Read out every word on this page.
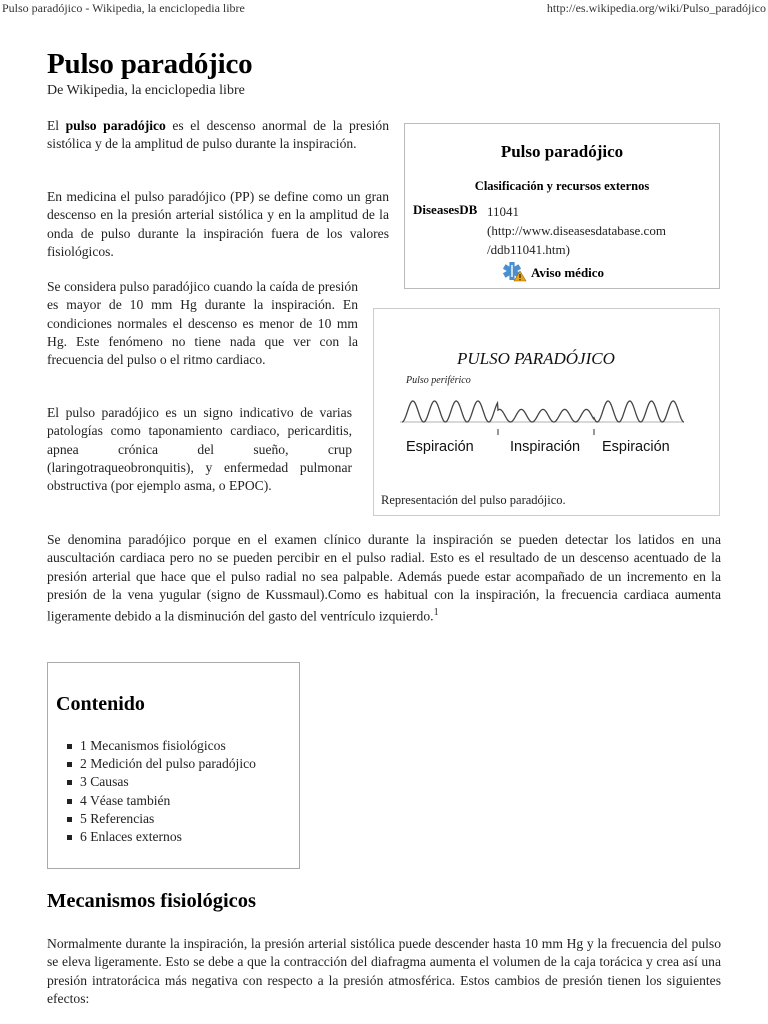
Pulso paradójico - Wikipedia, la enciclopedia libre	http://es.wikipedia.org/wiki/Pulso_paradójico
Pulso paradójico
De Wikipedia, la enciclopedia libre

El pulso paradójico es el descenso anormal de la presión sistólica y de la amplitud de pulso durante la inspiración.

En medicina el pulso paradójico (PP) se define como un gran descenso en la presión arterial sistólica y en la amplitud de la onda de pulso durante la inspiración fuera de los valores fisiológicos.

Se considera pulso paradójico cuando la caída de presión es mayor de 10 mm Hg durante la inspiración. En condiciones normales el descenso es menor de 10 mm Hg. Este fenómeno no tiene nada que ver con la frecuencia del pulso o el ritmo cardiaco.

El pulso paradójico es un signo indicativo de varias patologías como taponamiento cardiaco, pericarditis, apnea crónica del sueño, crup (laringotraqueobronquitis), y enfermedad pulmonar obstructiva (por ejemplo asma, o EPOC).

Se denomina paradójico porque en el examen clínico durante la inspiración se pueden detectar los latidos en una auscultación cardiaca pero no se pueden percibir en el pulso radial. Esto es el resultado de un descenso acentuado de la presión arterial que hace que el pulso radial no sea palpable. Además puede estar acompañado de un incremento en la presión de la vena yugular (signo de Kussmaul).Como es habitual con la inspiración, la frecuencia cardiaca aumenta ligeramente debido a la disminución del gasto del ventrículo izquierdo.$^1$

Pulso paradójico
Clasificación y recursos externos
DiseasesDB 11041
(http://www.diseasesdatabase.com
/ddb11041.htm)
Aviso médico
PULSO PARADÓJICO
Pulso periférico
Espiración	Inspiración Espiración
Representación del pulso paradójico.
Contenido
1 Mecanismos fisiológicos
2 Medición del pulso paradójico
3 Causas
4 Véase también
5 Referencias
6 Enlaces externos
Mecanismos fisiológicos

Normalmente durante la inspiración, la presión arterial sistólica puede descender hasta 10 mm Hg y la frecuencia del pulso se eleva ligeramente. Esto se debe a que la contracción del diafragma aumenta el volumen de la caja torácica y crea así una presión intratorácica más negativa con respecto a la presión atmosférica. Estos cambios de presión tienen los siguientes efectos:
